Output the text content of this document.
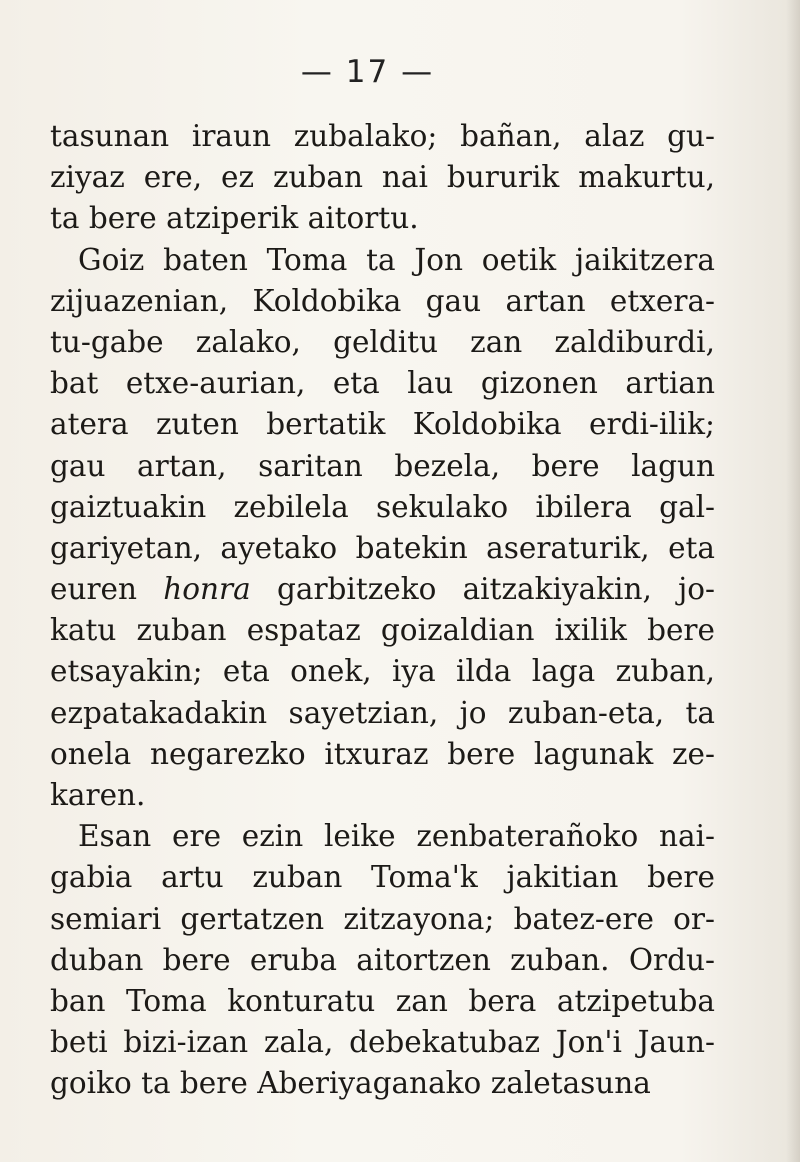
— 17 —
tasunan iraun zubalako; bañan, alaz gu-
ziyaz ere, ez zuban nai bururik makurtu,
ta bere atziperik aitortu.
Goiz baten Toma ta Jon oetik jaikitzera
zijuazenian, Koldobika gau artan etxera-
tu-gabe zalako, gelditu zan zaldiburdi,
bat etxe-aurian, eta lau gizonen artian
atera zuten bertatik Koldobika erdi-ilik;
gau artan, saritan bezela, bere lagun
gaiztuakin zebilela sekulako ibilera gal-
gariyetan, ayetako batekin aseraturik, eta
euren honra garbitzeko aitzakiyakin, jo-
katu zuban espataz goizaldian ixilik bere
etsayakin; eta onek, iya ilda laga zuban,
ezpatakadakin sayetzian, jo zuban-eta, ta
onela negarezko itxuraz bere lagunak ze-
karen.
Esan ere ezin leike zenbaterañoko nai-
gabia artu zuban Toma'k jakitian bere
semiari gertatzen zitzayona; batez-ere or-
duban bere eruba aitortzen zuban. Ordu-
ban Toma konturatu zan bera atzipetuba
beti bizi-izan zala, debekatubaz Jon'i Jaun-
goiko ta bere Aberiyaganako zaletasuna
